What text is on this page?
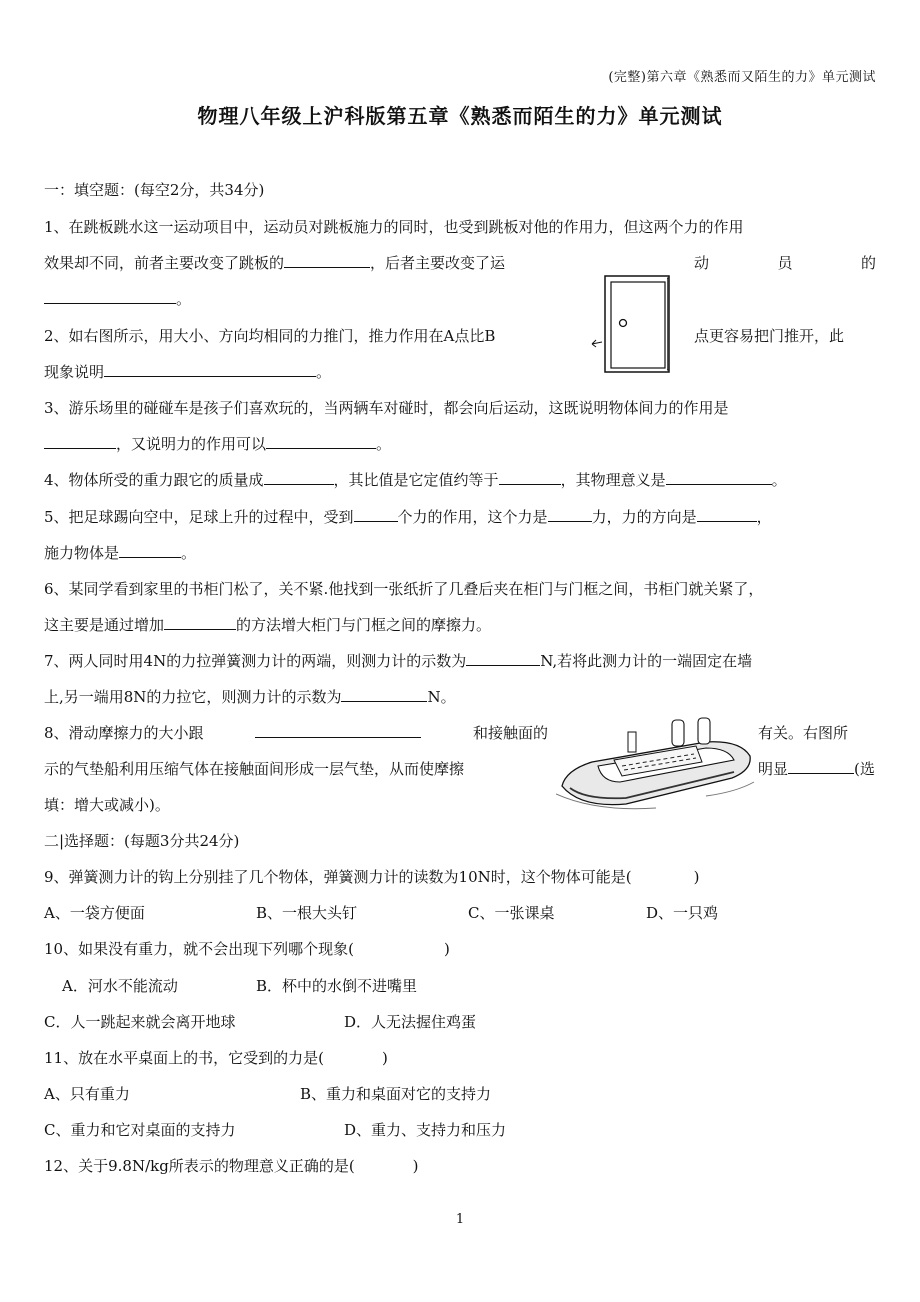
(完整)第六章《熟悉而又陌生的力》单元测试
物理八年级上沪科版第五章《熟悉而陌生的力》单元测试
一：填空题：(每空2分，共34分)
1、在跳板跳水这一运动项目中，运动员对跳板施力的同时，也受到跳板对他的作用力，但这两个力的作用
效果却不同，前者主要改变了跳板的	，后者主要改变了运	动	员	的
。
2、如右图所示，用大小、方向均相同的力推门，推力作用在A点比B	点更容易把门推开，此
现象说明	。
3、游乐场里的碰碰车是孩子们喜欢玩的，当两辆车对碰时，都会向后运动，这既说明物体间力的作用是
，又说明力的作用可以	。
4、物体所受的重力跟它的质量成	，其比值是它定值约等于	，其物理意义是	。
5、把足球踢向空中，足球上升的过程中，受到	个力的作用，这个力是	力，力的方向是	，
施力物体是	。
6、某同学看到家里的书柜门松了，关不紧.他找到一张纸折了几叠后夹在柜门与门框之间，书柜门就关紧了，
这主要是通过增加	的方法增大柜门与门框之间的摩擦力。
7、两人同时用4N的力拉弹簧测力计的两端，则测力计的示数为	N,若将此测力计的一端固定在墙
上,另一端用8N的力拉它，则测力计的示数为	N。
8、滑动摩擦力的大小跟	和接触面的	有关。右图所
示的气垫船利用压缩气体在接触面间形成一层气垫，从而使摩擦	明显	(选
填：增大或减小)。
二|选择题：(每题3分共24分)
9、弹簧测力计的钩上分别挂了几个物体，弹簧测力计的读数为10N时，这个物体可能是(	)
A、一袋方便面	B、一根大头钉	C、一张课桌	D、一只鸡
10、如果没有重力，就不会出现下列哪个现象(	)
A．河水不能流动	B．杯中的水倒不进嘴里
C．人一跳起来就会离开地球	D．人无法握住鸡蛋
11、放在水平桌面上的书，它受到的力是(	)
A、只有重力	B、重力和桌面对它的支持力
C、重力和它对桌面的支持力	D、重力、支持力和压力
12、关于9.8N/kg所表示的物理意义正确的是(	)
1
